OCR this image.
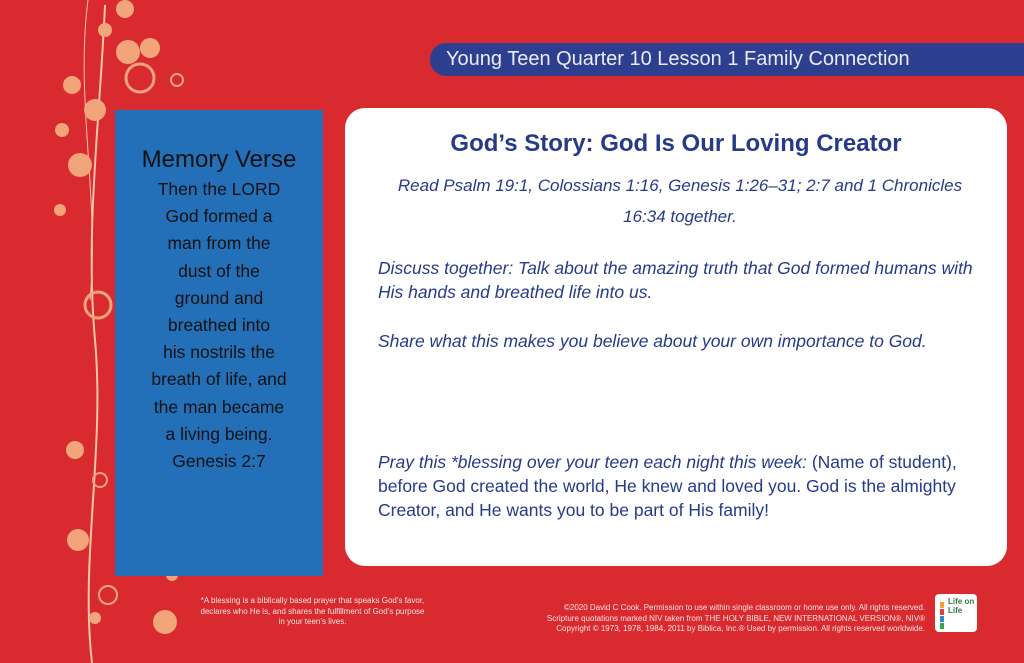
Young Teen Quarter 10 Lesson 1 Family Connection
Memory Verse
Then the LORD
God formed a
man from the
dust of the
ground and
breathed into
his nostrils the
breath of life, and
the man became
a living being.
Genesis 2:7
God’s Story: God Is Our Loving Creator
Read Psalm 19:1, Colossians 1:16, Genesis 1:26–31; 2:7 and 1 Chronicles 16:34 together.

Discuss together: Talk about the amazing truth that God formed humans with His hands and breathed life into us.

Share what this makes you believe about your own importance to God.

Pray this *blessing over your teen each night this week: (Name of student), before God created the world, He knew and loved you. God is the almighty Creator, and He wants you to be part of His family!

*A blessing is a biblically based prayer that speaks God’s favor, declares who He is, and shares the fulfillment of God’s purpose in your teen’s lives.
©2020 David C Cook. Permission to use within single classroom or home use only. All rights reserved.
Scripture quotations marked NIV taken from THE HOLY BIBLE, NEW INTERNATIONAL VERSION®, NIV®
Copyright © 1973, 1978, 1984, 2011 by Biblica, Inc.® Used by permission. All rights reserved worldwide.
Life on Life
